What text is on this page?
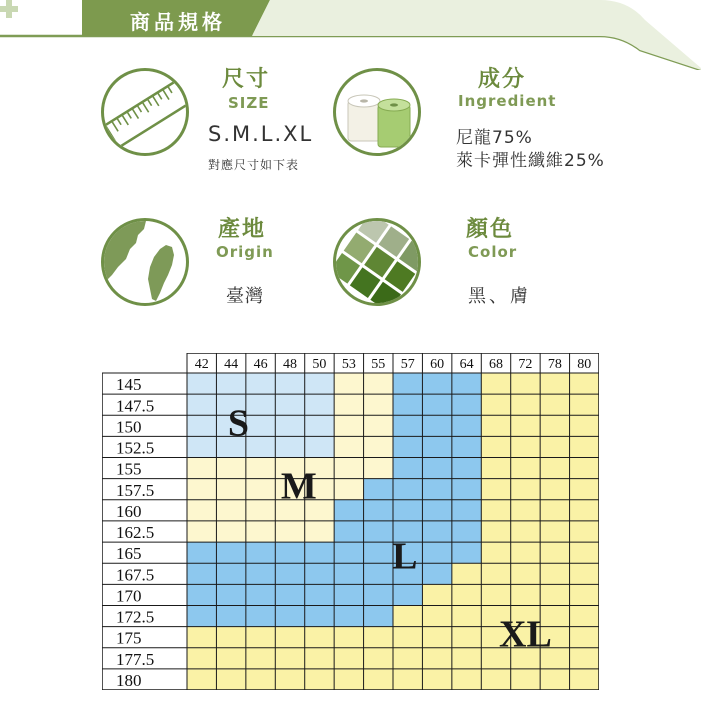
商品規格
尺寸
SIZE
S.M.L.XL
對應尺寸如下表
成分
Ingredient
尼龍75%
萊卡彈性纖維25%
產地
Origin
臺灣
顏色
Color
黑、膚
42 44 46 48 50 53 55 57 60 64 68 72 78 80
145
147.5
150
152.5
155
157.5
160
162.5
165
167.5
170
172.5
175
177.5
180
S
M
L
XL
